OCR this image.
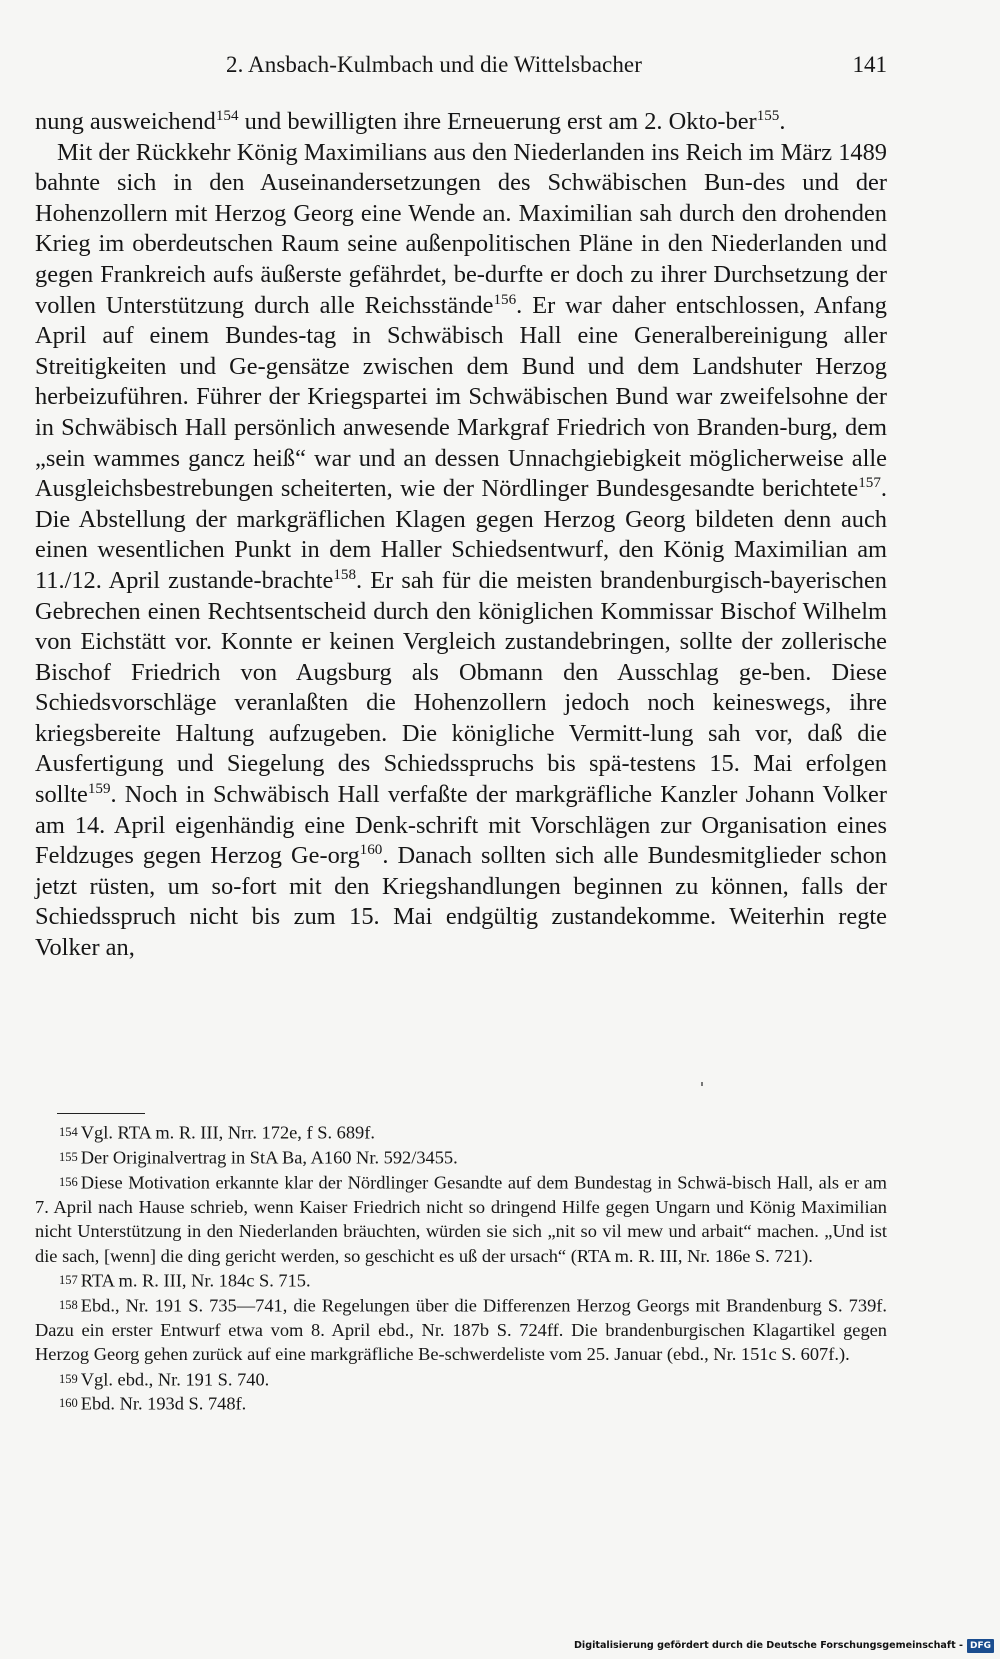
2. Ansbach-Kulmbach und die Wittelsbacher	141

nung ausweichend$^{154}$ und bewilligten ihre Erneuerung erst am 2. Okto-ber$^{155}$.

Mit der Rückkehr König Maximilians aus den Niederlanden ins Reich im März 1489 bahnte sich in den Auseinandersetzungen des Schwäbischen Bun-des und der Hohenzollern mit Herzog Georg eine Wende an. Maximilian sah durch den drohenden Krieg im oberdeutschen Raum seine außenpolitischen Pläne in den Niederlanden und gegen Frankreich aufs äußerste gefährdet, be-durfte er doch zu ihrer Durchsetzung der vollen Unterstützung durch alle Reichsstände$^{156}$. Er war daher entschlossen, Anfang April auf einem Bundes-tag in Schwäbisch Hall eine Generalbereinigung aller Streitigkeiten und Ge-gensätze zwischen dem Bund und dem Landshuter Herzog herbeizuführen. Führer der Kriegspartei im Schwäbischen Bund war zweifelsohne der in Schwäbisch Hall persönlich anwesende Markgraf Friedrich von Branden-burg, dem „sein wammes gancz heiß“ war und an dessen Unnachgiebigkeit möglicherweise alle Ausgleichsbestrebungen scheiterten, wie der Nördlinger Bundesgesandte berichtete$^{157}$. Die Abstellung der markgräflichen Klagen gegen Herzog Georg bildeten denn auch einen wesentlichen Punkt in dem Haller Schiedsentwurf, den König Maximilian am 11./12. April zustande-brachte$^{158}$. Er sah für die meisten brandenburgisch-bayerischen Gebrechen einen Rechtsentscheid durch den königlichen Kommissar Bischof Wilhelm von Eichstätt vor. Konnte er keinen Vergleich zustandebringen, sollte der zollerische Bischof Friedrich von Augsburg als Obmann den Ausschlag ge-ben. Diese Schiedsvorschläge veranlaßten die Hohenzollern jedoch noch keineswegs, ihre kriegsbereite Haltung aufzugeben. Die königliche Vermitt-lung sah vor, daß die Ausfertigung und Siegelung des Schiedsspruchs bis spä-testens 15. Mai erfolgen sollte$^{159}$. Noch in Schwäbisch Hall verfaßte der markgräfliche Kanzler Johann Volker am 14. April eigenhändig eine Denk-schrift mit Vorschlägen zur Organisation eines Feldzuges gegen Herzog Ge-org$^{160}$. Danach sollten sich alle Bundesmitglieder schon jetzt rüsten, um so-fort mit den Kriegshandlungen beginnen zu können, falls der Schiedsspruch nicht bis zum 15. Mai endgültig zustandekomme. Weiterhin regte Volker an,

154 Vgl. RTA m. R. III, Nrr. 172e, f S. 689f.

155 Der Originalvertrag in StA Ba, A160 Nr. 592/3455.

156 Diese Motivation erkannte klar der Nördlinger Gesandte auf dem Bundestag in Schwä-bisch Hall, als er am 7. April nach Hause schrieb, wenn Kaiser Friedrich nicht so dringend Hilfe gegen Ungarn und König Maximilian nicht Unterstützung in den Niederlanden bräuchten, würden sie sich „nit so vil mew und arbait“ machen. „Und ist die sach, [wenn] die ding gericht werden, so geschicht es uß der ursach“ (RTA m. R. III, Nr. 186e S. 721).

157 RTA m. R. III, Nr. 184c S. 715.

158 Ebd., Nr. 191 S. 735—741, die Regelungen über die Differenzen Herzog Georgs mit Brandenburg S. 739f. Dazu ein erster Entwurf etwa vom 8. April ebd., Nr. 187b S. 724ff. Die brandenburgischen Klagartikel gegen Herzog Georg gehen zurück auf eine markgräfliche Be-schwerdeliste vom 25. Januar (ebd., Nr. 151c S. 607f.).

159 Vgl. ebd., Nr. 191 S. 740.

160 Ebd. Nr. 193d S. 748f.

Digitalisierung gefördert durch die Deutsche Forschungsgemeinschaft - DFG
